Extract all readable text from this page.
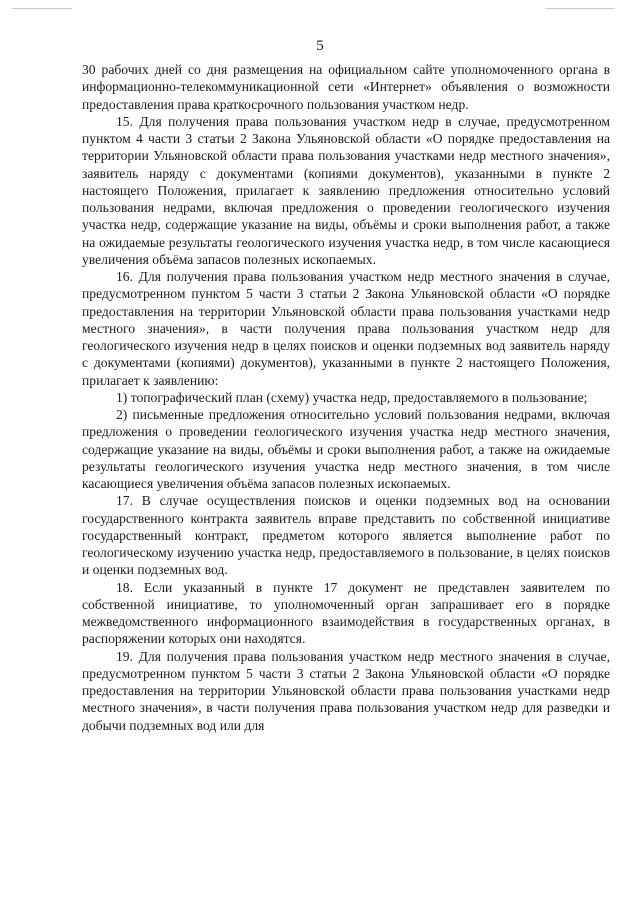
5

30 рабочих дней со дня размещения на официальном сайте уполномоченного органа в информационно-телекоммуникационной сети «Интернет» объявления о возможности предоставления права краткосрочного пользования участком недр.

15. Для получения права пользования участком недр в случае, предусмотренном пунктом 4 части 3 статьи 2 Закона Ульяновской области «О порядке предоставления на территории Ульяновской области права пользования участками недр местного значения», заявитель наряду с документами (копиями документов), указанными в пункте 2 настоящего Положения, прилагает к заявлению предложения относительно условий пользования недрами, включая предложения о проведении геологического изучения участка недр, содержащие указание на виды, объёмы и сроки выполнения работ, а также на ожидаемые результаты геологического изучения участка недр, в том числе касающиеся увеличения объёма запасов полезных ископаемых.

16. Для получения права пользования участком недр местного значения в случае, предусмотренном пунктом 5 части 3 статьи 2 Закона Ульяновской области «О порядке предоставления на территории Ульяновской области права пользования участками недр местного значения», в части получения права пользования участком недр для геологического изучения недр в целях поисков и оценки подземных вод заявитель наряду с документами (копиями) документов), указанными в пункте 2 настоящего Положения, прилагает к заявлению:

1) топографический план (схему) участка недр, предоставляемого в пользование;

2) письменные предложения относительно условий пользования недрами, включая предложения о проведении геологического изучения участка недр местного значения, содержащие указание на виды, объёмы и сроки выполнения работ, а также на ожидаемые результаты геологического изучения участка недр местного значения, в том числе касающиеся увеличения объёма запасов полезных ископаемых.

17. В случае осуществления поисков и оценки подземных вод на основании государственного контракта заявитель вправе представить по собственной инициативе государственный контракт, предметом которого является выполнение работ по геологическому изучению участка недр, предоставляемого в пользование, в целях поисков и оценки подземных вод.

18. Если указанный в пункте 17 документ не представлен заявителем по собственной инициативе, то уполномоченный орган запрашивает его в порядке межведомственного информационного взаимодействия в государственных органах, в распоряжении которых они находятся.

19. Для получения права пользования участком недр местного значения в случае, предусмотренном пунктом 5 части 3 статьи 2 Закона Ульяновской области «О порядке предоставления на территории Ульяновской области права пользования участками недр местного значения», в части получения права пользования участком недр для разведки и добычи подземных вод или для
